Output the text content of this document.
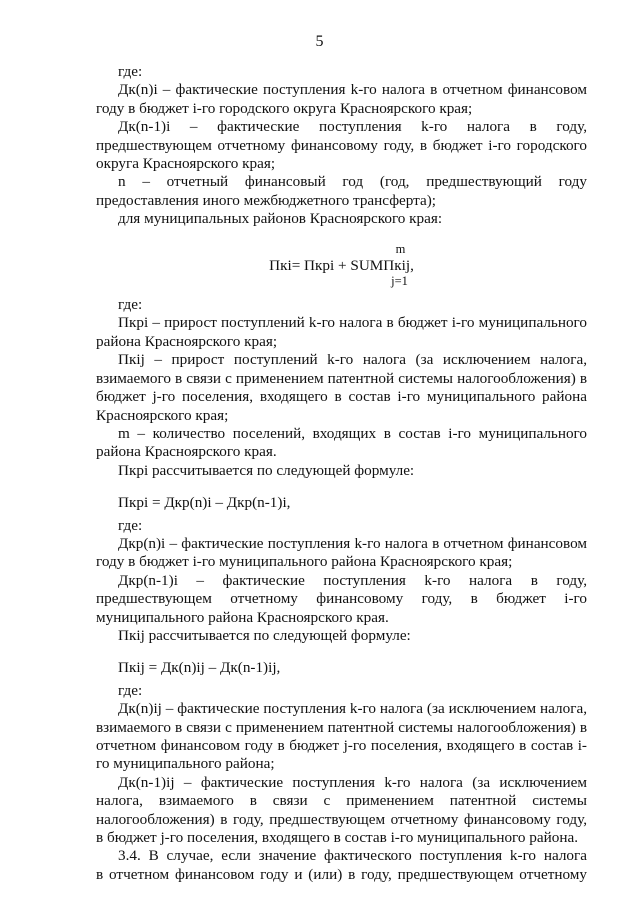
5

где:

Дк(n)i – фактические поступления k-го налога в отчетном финансовом году в бюджет i-го городского округа Красноярского края;

Дк(n-1)i – фактические поступления k-го налога в году, предшествующем отчетному финансовому году, в бюджет i-го городского округа Красноярского края;

n – отчетный финансовый год (год, предшествующий году

предоставления иного межбюджетного трансферта);

для муниципальных районов Красноярского края:

m
Пкi= Пкрi + SUMПкij,
j=1

где:

Пкрi – прирост поступлений k-го налога в бюджет i-го муниципального района Красноярского края;

Пкij – прирост поступлений k-го налога (за исключением налога, взимаемого в связи с применением патентной системы налогообложения) в бюджет j-го поселения, входящего в состав i-го муниципального района Красноярского края;

m – количество поселений, входящих в состав i-го муниципального района Красноярского края.

Пкрi рассчитывается по следующей формуле:

Пкрi = Дкр(n)i – Дкр(n-1)i,

где:

Дкр(n)i – фактические поступления k-го налога в отчетном финансовом году в бюджет i-го муниципального района Красноярского края;

Дкр(n-1)i – фактические поступления k-го налога в году,

предшествующем отчетному финансовому году, в бюджет i-го муниципального района Красноярского края.

Пкij рассчитывается по следующей формуле:

Пкij = Дк(n)ij – Дк(n-1)ij,

где:

Дк(n)ij – фактические поступления k-го налога (за исключением налога, взимаемого в связи с применением патентной системы налогообложения) в отчетном финансовом году в бюджет j-го поселения, входящего в состав i-го муниципального района;

Дк(n-1)ij – фактические поступления k-го налога (за исключением налога, взимаемого в связи с применением патентной системы налогообложения) в году, предшествующем отчетному финансовому году, в бюджет j-го поселения, входящего в состав i-го муниципального района.

3.4. В случае, если значение фактического поступления k-го налога

в отчетном финансовом году и (или) в году, предшествующем отчетному
